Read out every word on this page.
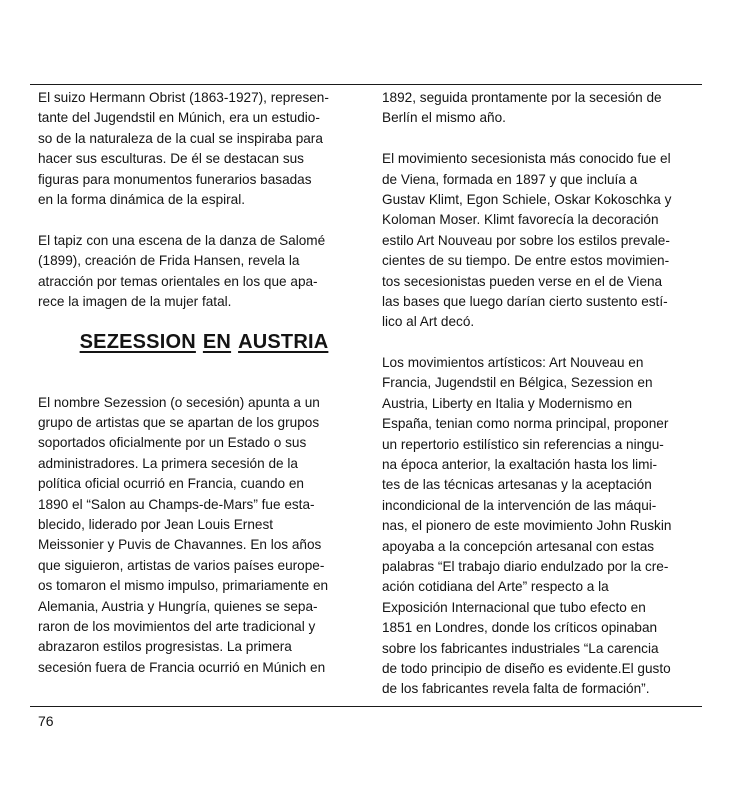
El suizo Hermann Obrist (1863-1927), represen-
tante del Jugendstil en Múnich, era un estudio-
so de la naturaleza de la cual se inspiraba para
hacer sus esculturas. De él se destacan sus
figuras para monumentos funerarios basadas
en la forma dinámica de la espiral.
El tapiz con una escena de la danza de Salomé
(1899), creación de Frida Hansen, revela la
atracción por temas orientales en los que apa-
rece la imagen de la mujer fatal.
SEZESSION EN AUSTRIA
El nombre Sezession (o secesión) apunta a un
grupo de artistas que se apartan de los grupos
soportados oficialmente por un Estado o sus
administradores. La primera secesión de la
política oficial ocurrió en Francia, cuando en
1890 el “Salon au Champs-de-Mars” fue esta-
blecido, liderado por Jean Louis Ernest
Meissonier y Puvis de Chavannes. En los años
que siguieron, artistas de varios países europe-
os tomaron el mismo impulso, primariamente en
Alemania, Austria y Hungría, quienes se sepa-
raron de los movimientos del arte tradicional y
abrazaron estilos progresistas. La primera
secesión fuera de Francia ocurrió en Múnich en
1892, seguida prontamente por la secesión de
Berlín el mismo año.
El movimiento secesionista más conocido fue el
de Viena, formada en 1897 y que incluía a
Gustav Klimt, Egon Schiele, Oskar Kokoschka y
Koloman Moser. Klimt favorecía la decoración
estilo Art Nouveau por sobre los estilos prevale-
cientes de su tiempo. De entre estos movimien-
tos secesionistas pueden verse en el de Viena
las bases que luego darían cierto sustento estí-
lico al Art decó.
Los movimientos artísticos: Art Nouveau en
Francia, Jugendstil en Bélgica, Sezession en
Austria, Liberty en Italia y Modernismo en
España, tenian como norma principal, proponer
un repertorio estilístico sin referencias a ningu-
na época anterior, la exaltación hasta los limi-
tes de las técnicas artesanas y la aceptación
incondicional de la intervención de las máqui-
nas, el pionero de este movimiento John Ruskin
apoyaba a la concepción artesanal con estas
palabras “El trabajo diario endulzado por la cre-
ación cotidiana del Arte” respecto a la
Exposición Internacional que tubo efecto en
1851 en Londres, donde los críticos opinaban
sobre los fabricantes industriales “La carencia
de todo principio de diseño es evidente.El gusto
de los fabricantes revela falta de formación”.
76
